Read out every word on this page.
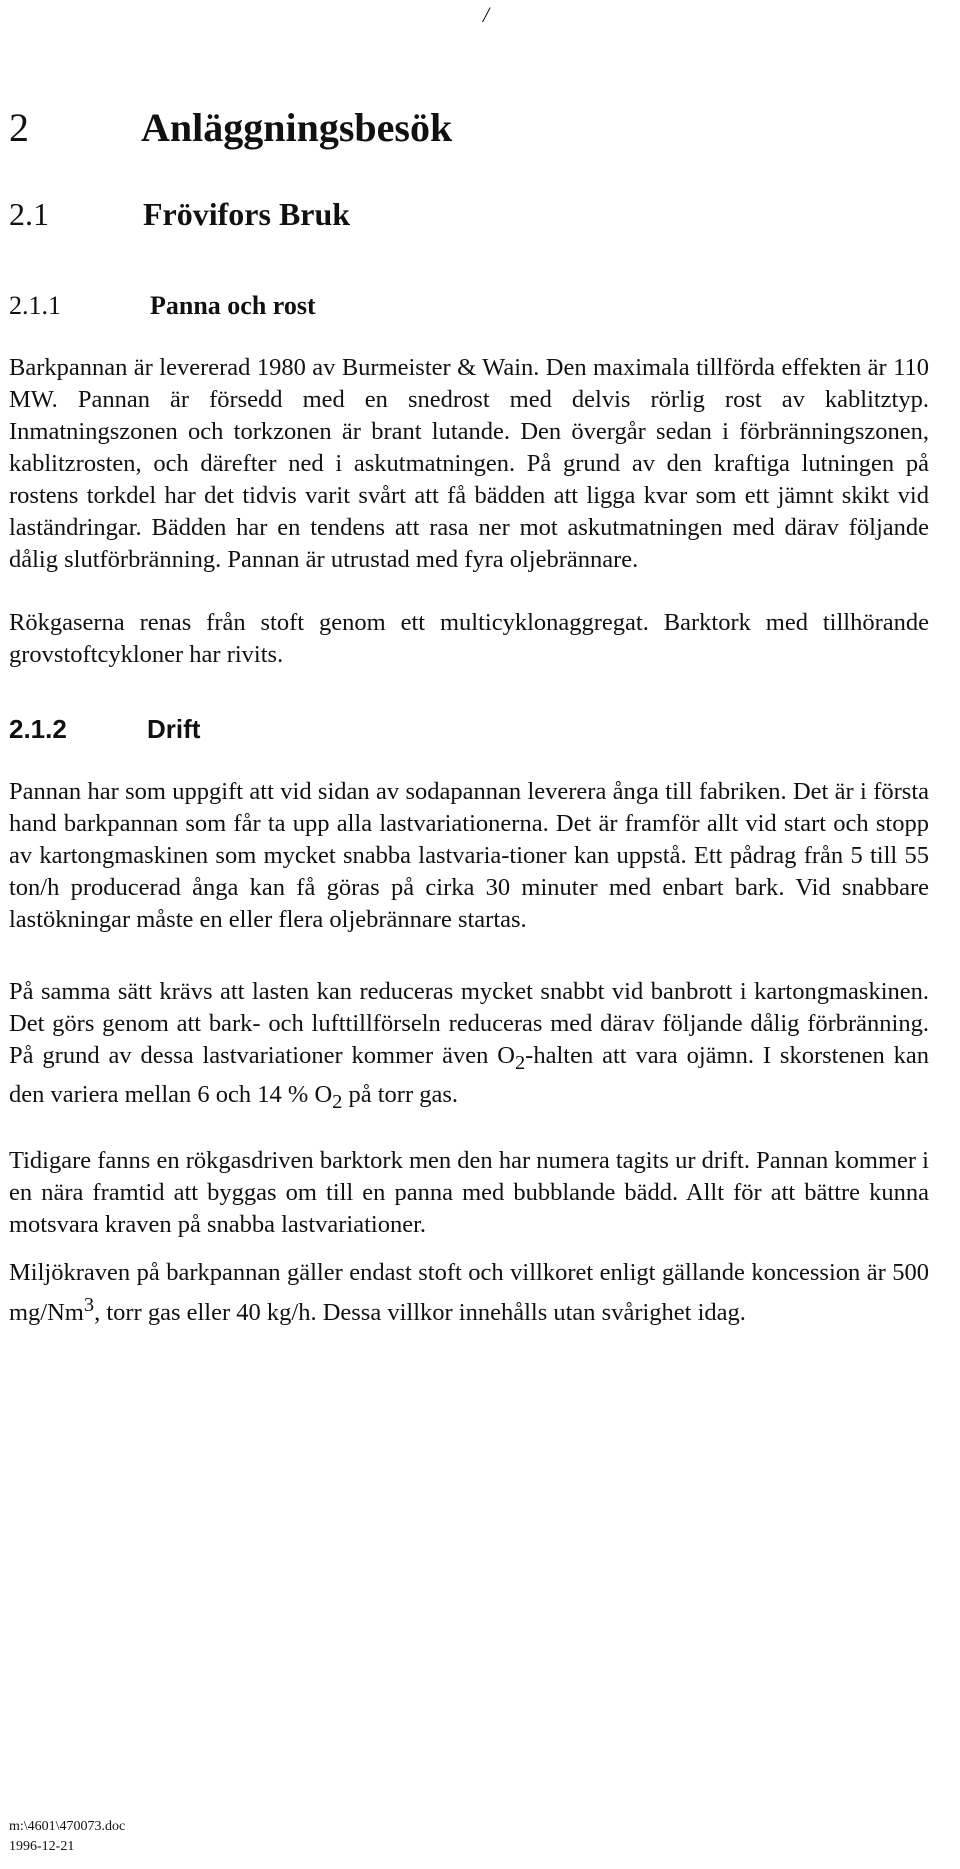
/
2	Anläggningsbesök
2.1	Frövifors Bruk
2.1.1	Panna och rost
Barkpannan är levererad 1980 av Burmeister & Wain. Den maximala tillförda effekten är 110 MW. Pannan är försedd med en snedrost med delvis rörlig rost av kablitztyp. Inmatningszonen och torkzonen är brant lutande. Den övergår sedan i förbränningszonen, kablitzrosten, och därefter ned i askutmatningen. På grund av den kraftiga lutningen på rostens torkdel har det tidvis varit svårt att få bädden att ligga kvar som ett jämnt skikt vid laständringar. Bädden har en tendens att rasa ner mot askutmatningen med därav följande dålig slutförbränning. Pannan är utrustad med fyra oljebrännare.
Rökgaserna renas från stoft genom ett multicyklonaggregat. Barktork med tillhörande grovstoftcykloner har rivits.
2.1.2	Drift
Pannan har som uppgift att vid sidan av sodapannan leverera ånga till fabriken. Det är i första hand barkpannan som får ta upp alla lastvariationerna. Det är framför allt vid start och stopp av kartongmaskinen som mycket snabba lastvaria-tioner kan uppstå. Ett pådrag från 5 till 55 ton/h producerad ånga kan få göras på cirka 30 minuter med enbart bark. Vid snabbare lastökningar måste en eller flera oljebrännare startas.
På samma sätt krävs att lasten kan reduceras mycket snabbt vid banbrott i kartongmaskinen. Det görs genom att bark- och lufttillförseln reduceras med därav följande dålig förbränning. På grund av dessa lastvariationer kommer även $O_2$-halten att vara ojämn. I skorstenen kan den variera mellan 6 och 14 % $O_2$ på torr gas.
Tidigare fanns en rökgasdriven barktork men den har numera tagits ur drift. Pannan kommer i en nära framtid att byggas om till en panna med bubblande bädd. Allt för att bättre kunna motsvara kraven på snabba lastvariationer.
Miljökraven på barkpannan gäller endast stoft och villkoret enligt gällande koncession är 500 mg/Nm$^3$, torr gas eller 40 kg/h. Dessa villkor innehålls utan svårighet idag.
m:\4601\470073.doc
1996-12-21
